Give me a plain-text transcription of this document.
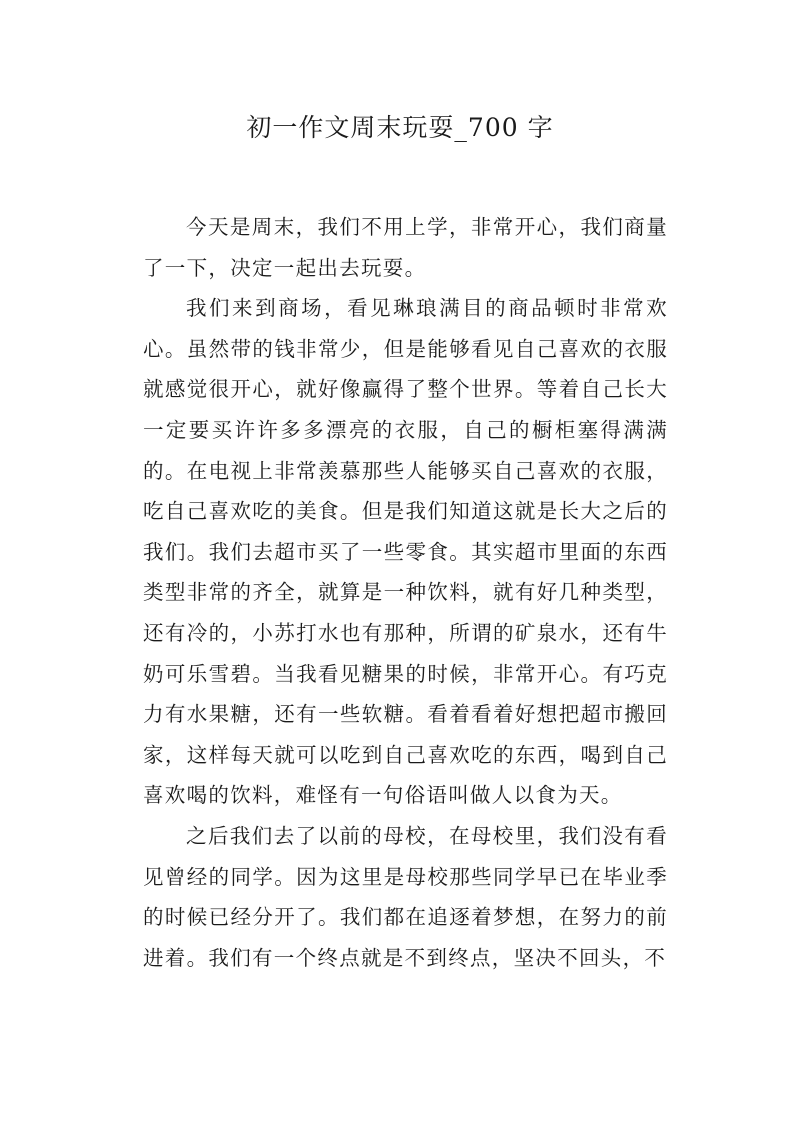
初一作文周末玩耍_700 字

今天是周末，我们不用上学，非常开心，我们商量了一下，决定一起出去玩耍。

我们来到商场，看见琳琅满目的商品顿时非常欢心。虽然带的钱非常少，但是能够看见自己喜欢的衣服就感觉很开心，就好像赢得了整个世界。等着自己长大一定要买许许多多漂亮的衣服，自己的橱柜塞得满满的。在电视上非常羡慕那些人能够买自己喜欢的衣服，吃自己喜欢吃的美食。但是我们知道这就是长大之后的我们。我们去超市买了一些零食。其实超市里面的东西类型非常的齐全，就算是一种饮料，就有好几种类型，还有冷的，小苏打水也有那种，所谓的矿泉水，还有牛奶可乐雪碧。当我看见糖果的时候，非常开心。有巧克力有水果糖，还有一些软糖。看着看着好想把超市搬回家，这样每天就可以吃到自己喜欢吃的东西，喝到自己喜欢喝的饮料，难怪有一句俗语叫做人以食为天。

之后我们去了以前的母校，在母校里，我们没有看见曾经的同学。因为这里是母校那些同学早已在毕业季的时候已经分开了。我们都在追逐着梦想，在努力的前进着。我们有一个终点就是不到终点，坚决不回头，不
